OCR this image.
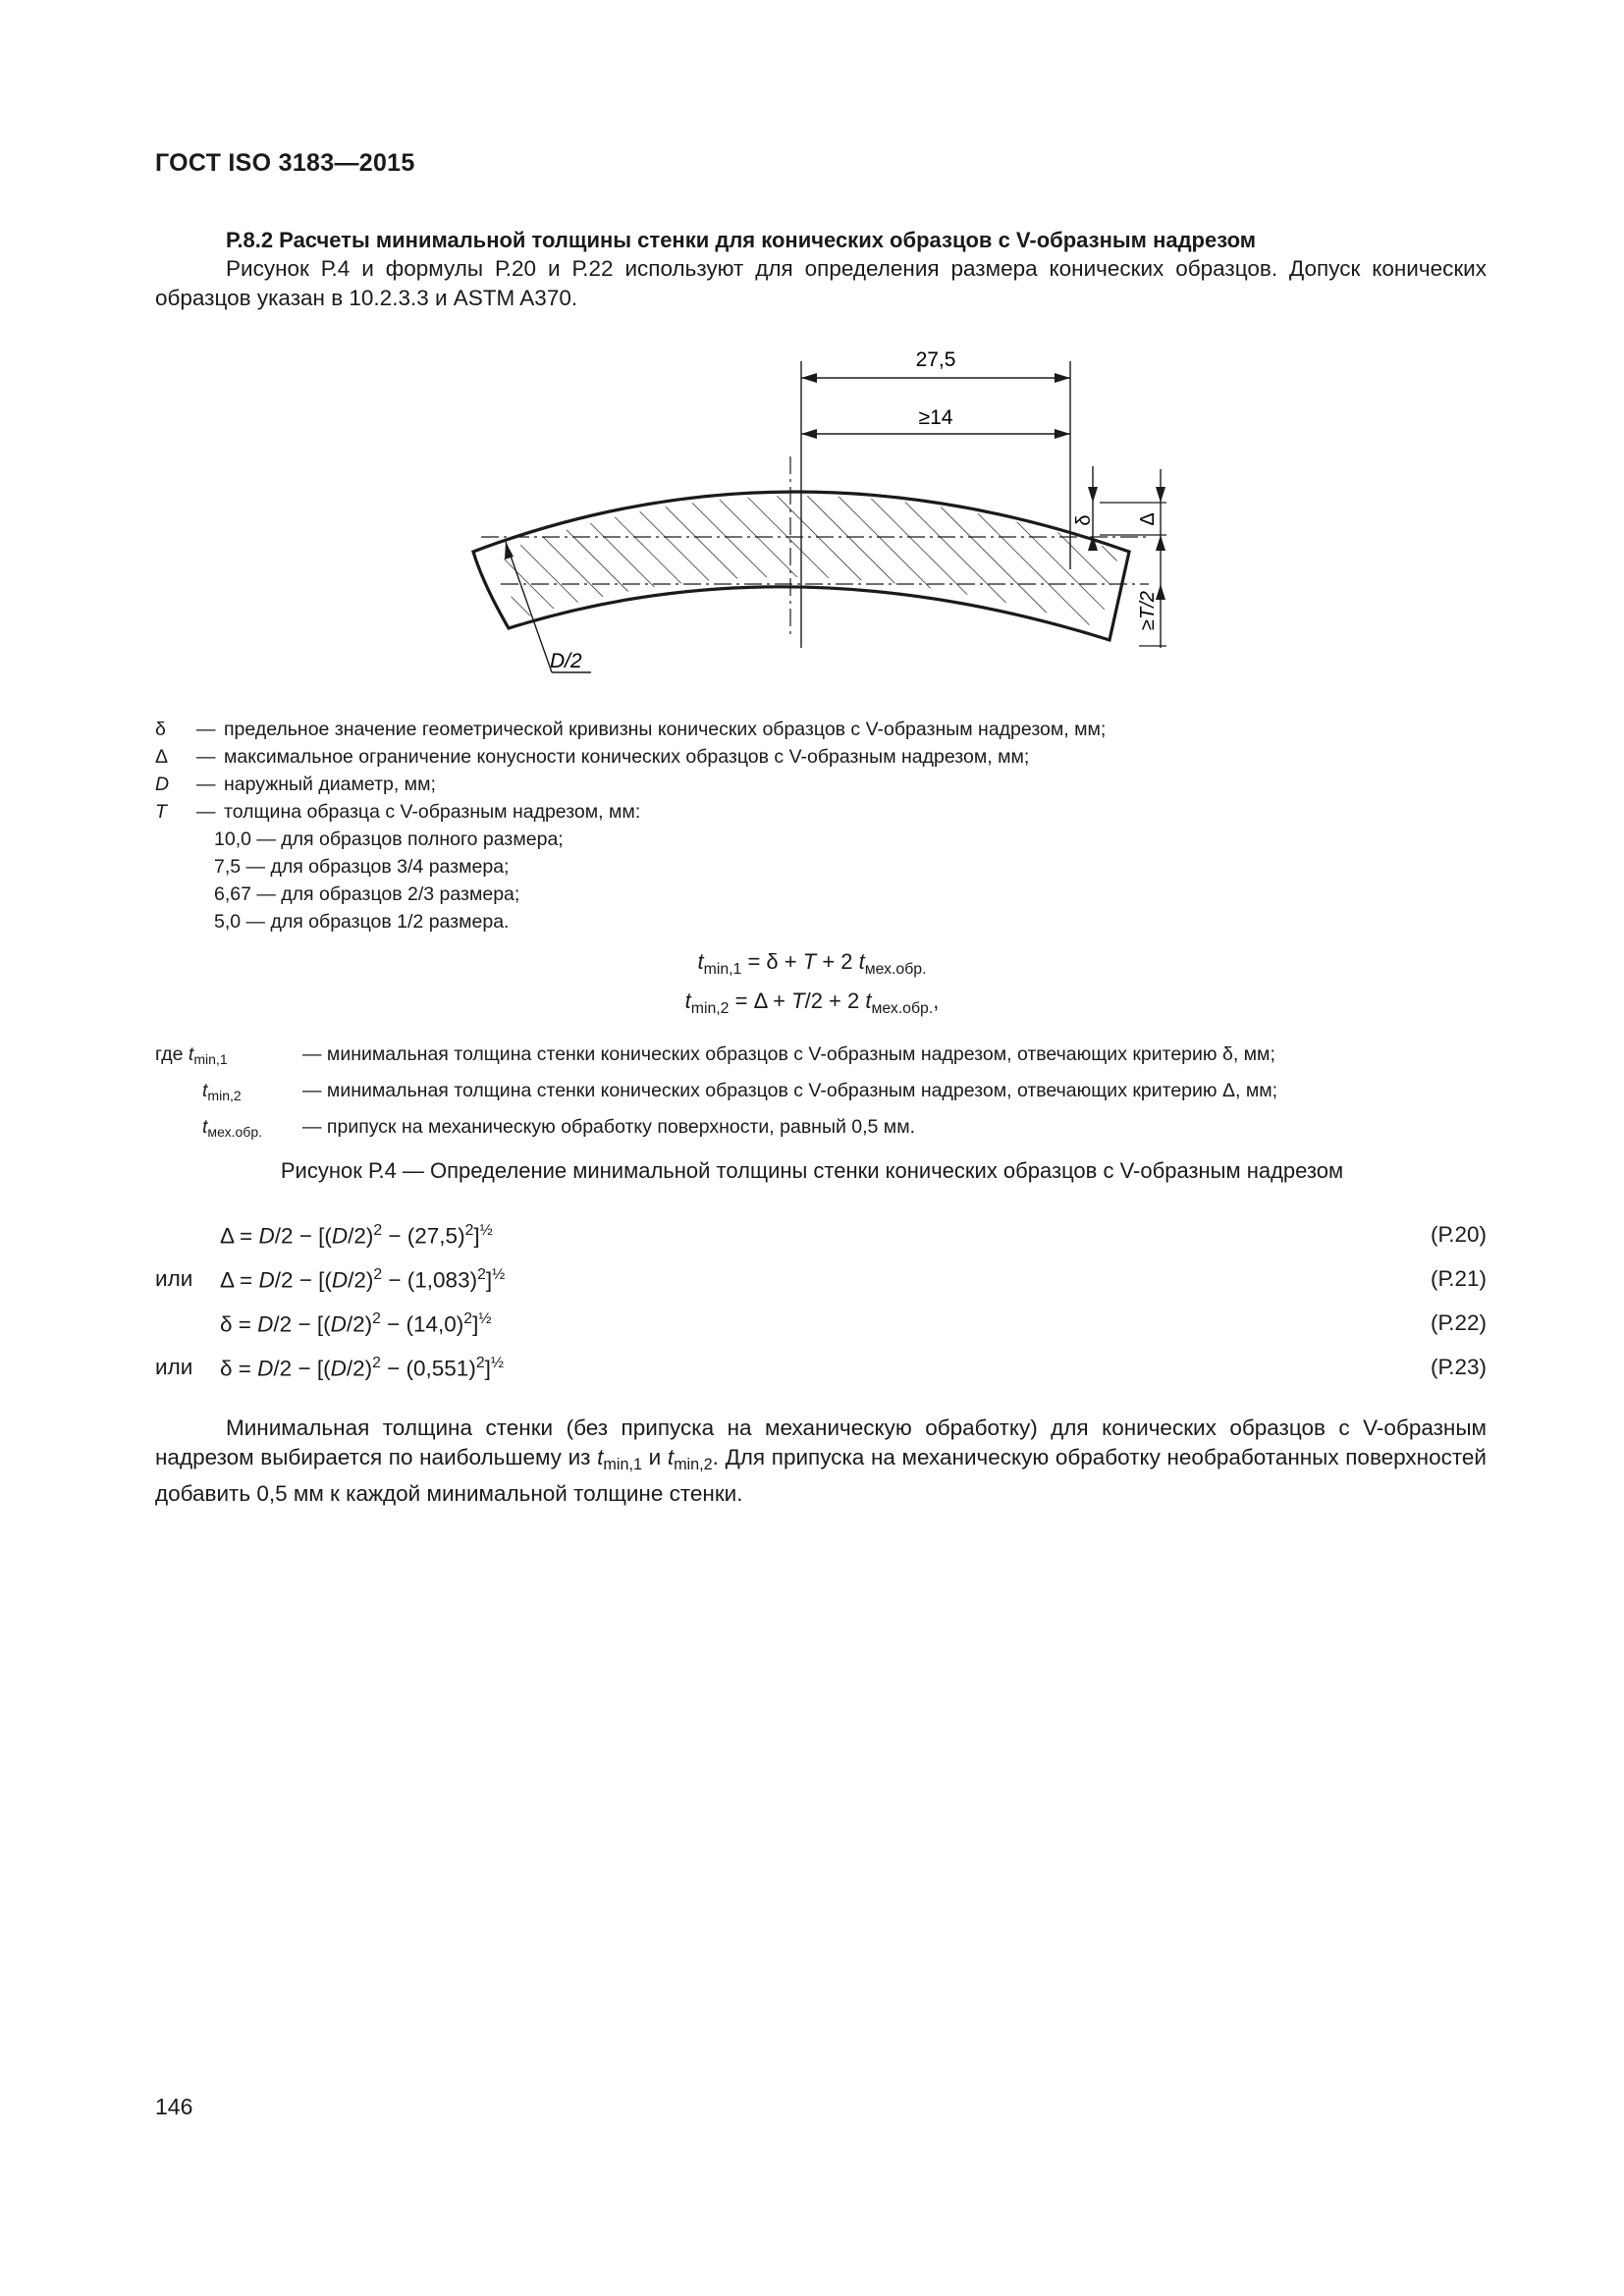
ГОСТ ISO 3183—2015
Р.8.2 Расчеты минимальной толщины стенки для конических образцов с V-образным надрезом
Рисунок Р.4 и формулы Р.20 и Р.22 используют для определения размера конических образцов. Допуск конических образцов указан в 10.2.3.3 и ASTM A370.
27,5
≥14
δ Δ
≥T/2
D/2
δ	— предельное значение геометрической кривизны конических образцов с V-образным надрезом, мм;
Δ	— максимальное ограничение конусности конических образцов с V-образным надрезом, мм;
D	— наружный диаметр, мм;
T	— толщина образца с V-образным надрезом, мм:
10,0 — для образцов полного размера;
7,5 — для образцов 3/4 размера;
6,67 — для образцов 2/3 размера;
5,0 — для образцов 1/2 размера.
$t_{min,1} = \delta + T + 2$ $t_{мех.обр.}$
$t_{min,2} = \Delta + T/2 + 2$ $t_{мех.обр.}$,
где $t_{min,1}$	— минимальная толщина стенки конических образцов с V-образным надрезом, отвечающих критерию δ, мм;
$t_{min,2}$	— минимальная толщина стенки конических образцов с V-образным надрезом, отвечающих критерию Δ, мм;
$t_{мех.обр.}$	— припуск на механическую обработку поверхности, равный 0,5 мм.
Рисунок Р.4 — Определение минимальной толщины стенки конических образцов с V-образным надрезом
$\Delta = D/2 - [(D/2)^2 - (27,5)^2]^{\frac{1}{2}}$	(Р.20)
или $\Delta = D/2 - [(D/2)^2 - (1,083)^2]^{\frac{1}{2}}$	(Р.21)
$\delta = D/2 - [(D/2)^2 - (14,0)^2]^{\frac{1}{2}}$	(Р.22)
или $\delta = D/2 - [(D/2)^2 - (0,551)^2]^{\frac{1}{2}}$	(Р.23)
Минимальная толщина стенки (без припуска на механическую обработку) для конических образцов с V-образным надрезом выбирается по наибольшему из $t_{min,1}$ и $t_{min,2}$. Для припуска на механическую обработку необработанных поверхностей добавить 0,5 мм к каждой минимальной толщине стенки.
146
